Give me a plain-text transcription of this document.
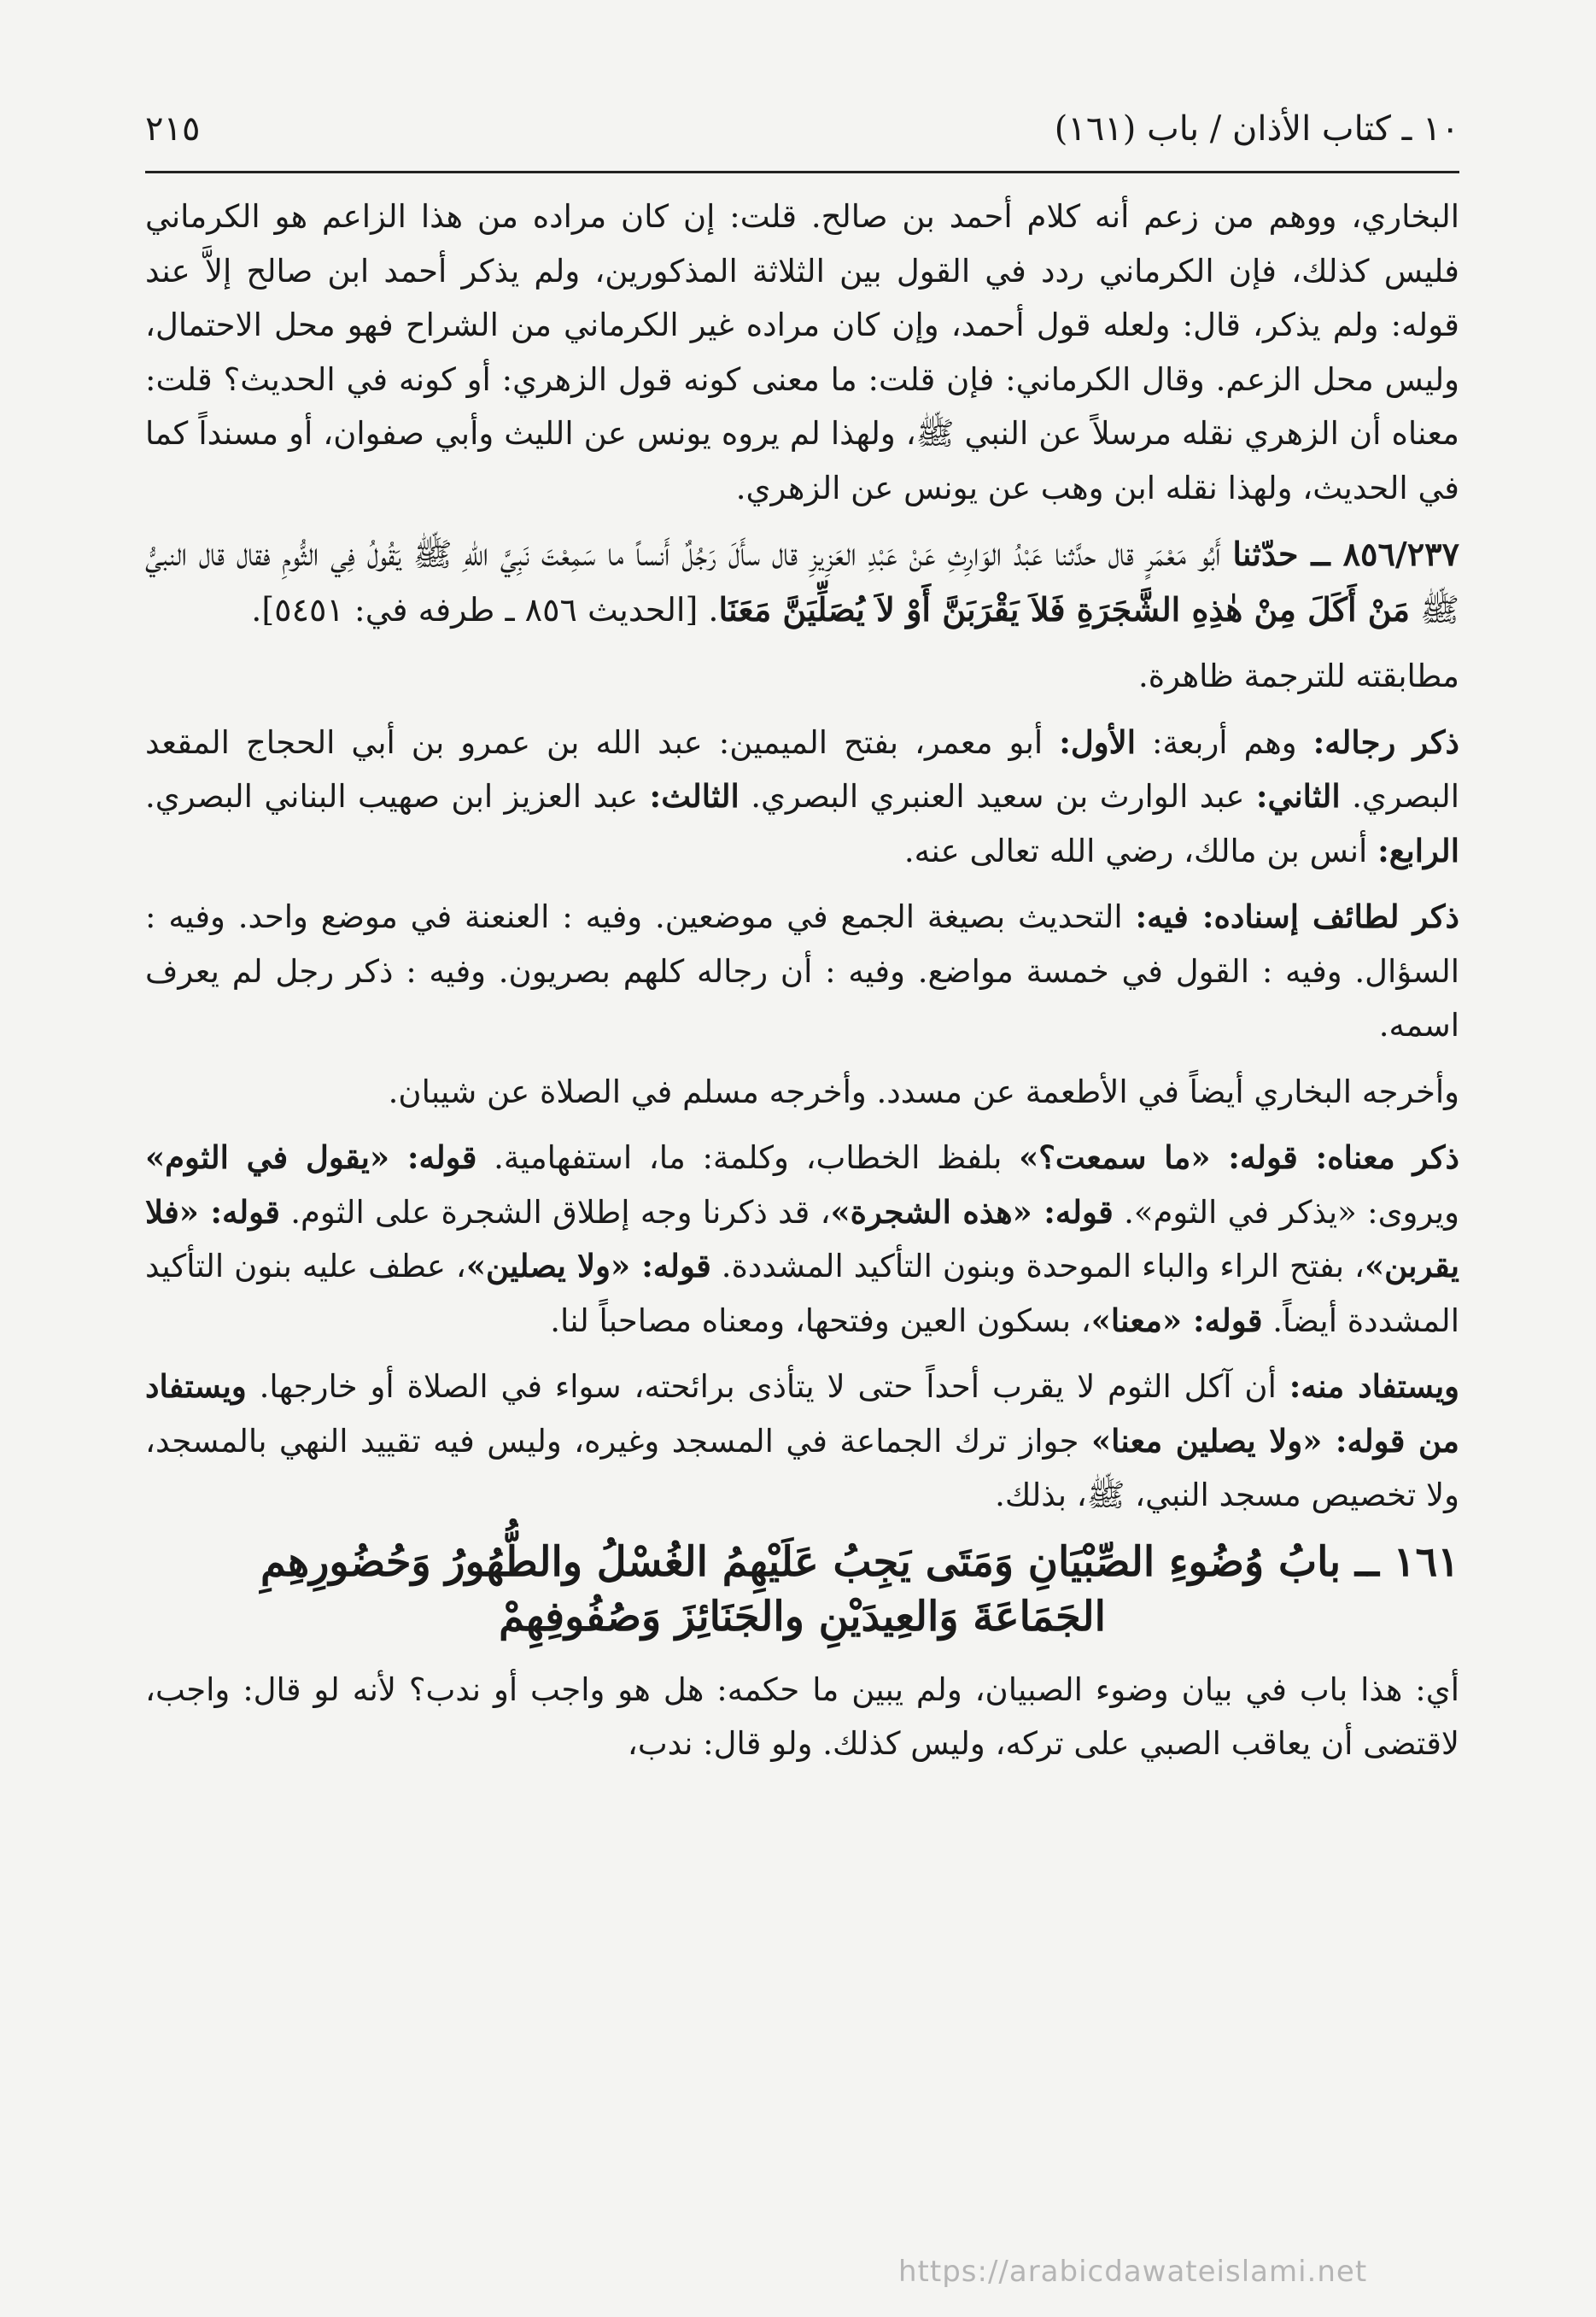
١٠ ـ كتاب الأذان / باب (١٦١)
٢١٥

البخاري، ووهم من زعم أنه كلام أحمد بن صالح. قلت: إن كان مراده من هذا الزاعم هو الكرماني فليس كذلك، فإن الكرماني ردد في القول بين الثلاثة المذكورين، ولم يذكر أحمد ابن صالح إلاَّ عند قوله: ولم يذكر، قال: ولعله قول أحمد، وإن كان مراده غير الكرماني من الشراح فهو محل الاحتمال، وليس محل الزعم. وقال الكرماني: فإن قلت: ما معنى كونه قول الزهري: أو كونه في الحديث؟ قلت: معناه أن الزهري نقله مرسلاً عن النبي ﷺ، ولهذا لم يروه يونس عن الليث وأبي صفوان، أو مسنداً كما في الحديث، ولهذا نقله ابن وهب عن يونس عن الزهري.

٨٥٦/٢٣٧ ــ حدّثنا أَبُو مَعْمَرٍ قال حدَّثنا عَبْدُ الوَارِثِ عَنْ عَبْدِ العَزِيزِ قال سأَلَ رَجُلٌ أَنساً ما سَمِعْتَ نَبِيَّ اللهِ ﷺ يَقُولُ فِي الثُّومِ فقال قال النبيُّ ﷺ مَنْ أَكَلَ مِنْ هٰذِهِ الشَّجَرَةِ فَلاَ يَقْرَبَنَّ أَوْ لاَ يُصَلِّيَنَّ مَعَنَا. [الحديث ٨٥٦ ـ طرفه في: ٥٤٥١].

مطابقته للترجمة ظاهرة.

ذكر رجاله: وهم أربعة: الأول: أبو معمر، بفتح الميمين: عبد الله بن عمرو بن أبي الحجاج المقعد البصري. الثاني: عبد الوارث بن سعيد العنبري البصري. الثالث: عبد العزيز ابن صهيب البناني البصري. الرابع: أنس بن مالك، رضي الله تعالى عنه.

ذكر لطائف إسناده: فيه: التحديث بصيغة الجمع في موضعين. وفيه : العنعنة في موضع واحد. وفيه : السؤال. وفيه : القول في خمسة مواضع. وفيه : أن رجاله كلهم بصريون. وفيه : ذكر رجل لم يعرف اسمه.

وأخرجه البخاري أيضاً في الأطعمة عن مسدد. وأخرجه مسلم في الصلاة عن شيبان.

ذكر معناه: قوله: «ما سمعت؟» بلفظ الخطاب، وكلمة: ما، استفهامية. قوله: «يقول في الثوم» ويروى: «يذكر في الثوم». قوله: «هذه الشجرة»، قد ذكرنا وجه إطلاق الشجرة على الثوم. قوله: «فلا يقربن»، بفتح الراء والباء الموحدة وبنون التأكيد المشددة. قوله: «ولا يصلين»، عطف عليه بنون التأكيد المشددة أيضاً. قوله: «معنا»، بسكون العين وفتحها، ومعناه مصاحباً لنا.

ويستفاد منه: أن آكل الثوم لا يقرب أحداً حتى لا يتأذى برائحته، سواء في الصلاة أو خارجها. ويستفاد من قوله: «ولا يصلين معنا» جواز ترك الجماعة في المسجد وغيره، وليس فيه تقييد النهي بالمسجد، ولا تخصيص مسجد النبي، ﷺ، بذلك.

١٦١ ــ بابُ وُضُوءِ الصِّبْيَانِ وَمَتَى يَجِبُ عَلَيْهِمُ الغُسْلُ والطُّهُورُ وَحُضُورِهِمِ
الجَمَاعَةَ وَالعِيدَيْنِ والجَنَائِزَ وَصُفُوفِهِمْ

أي: هذا باب في بيان وضوء الصبيان، ولم يبين ما حكمه: هل هو واجب أو ندب؟ لأنه لو قال: واجب، لاقتضى أن يعاقب الصبي على تركه، وليس كذلك. ولو قال: ندب،

https://arabicdawateislami.net
